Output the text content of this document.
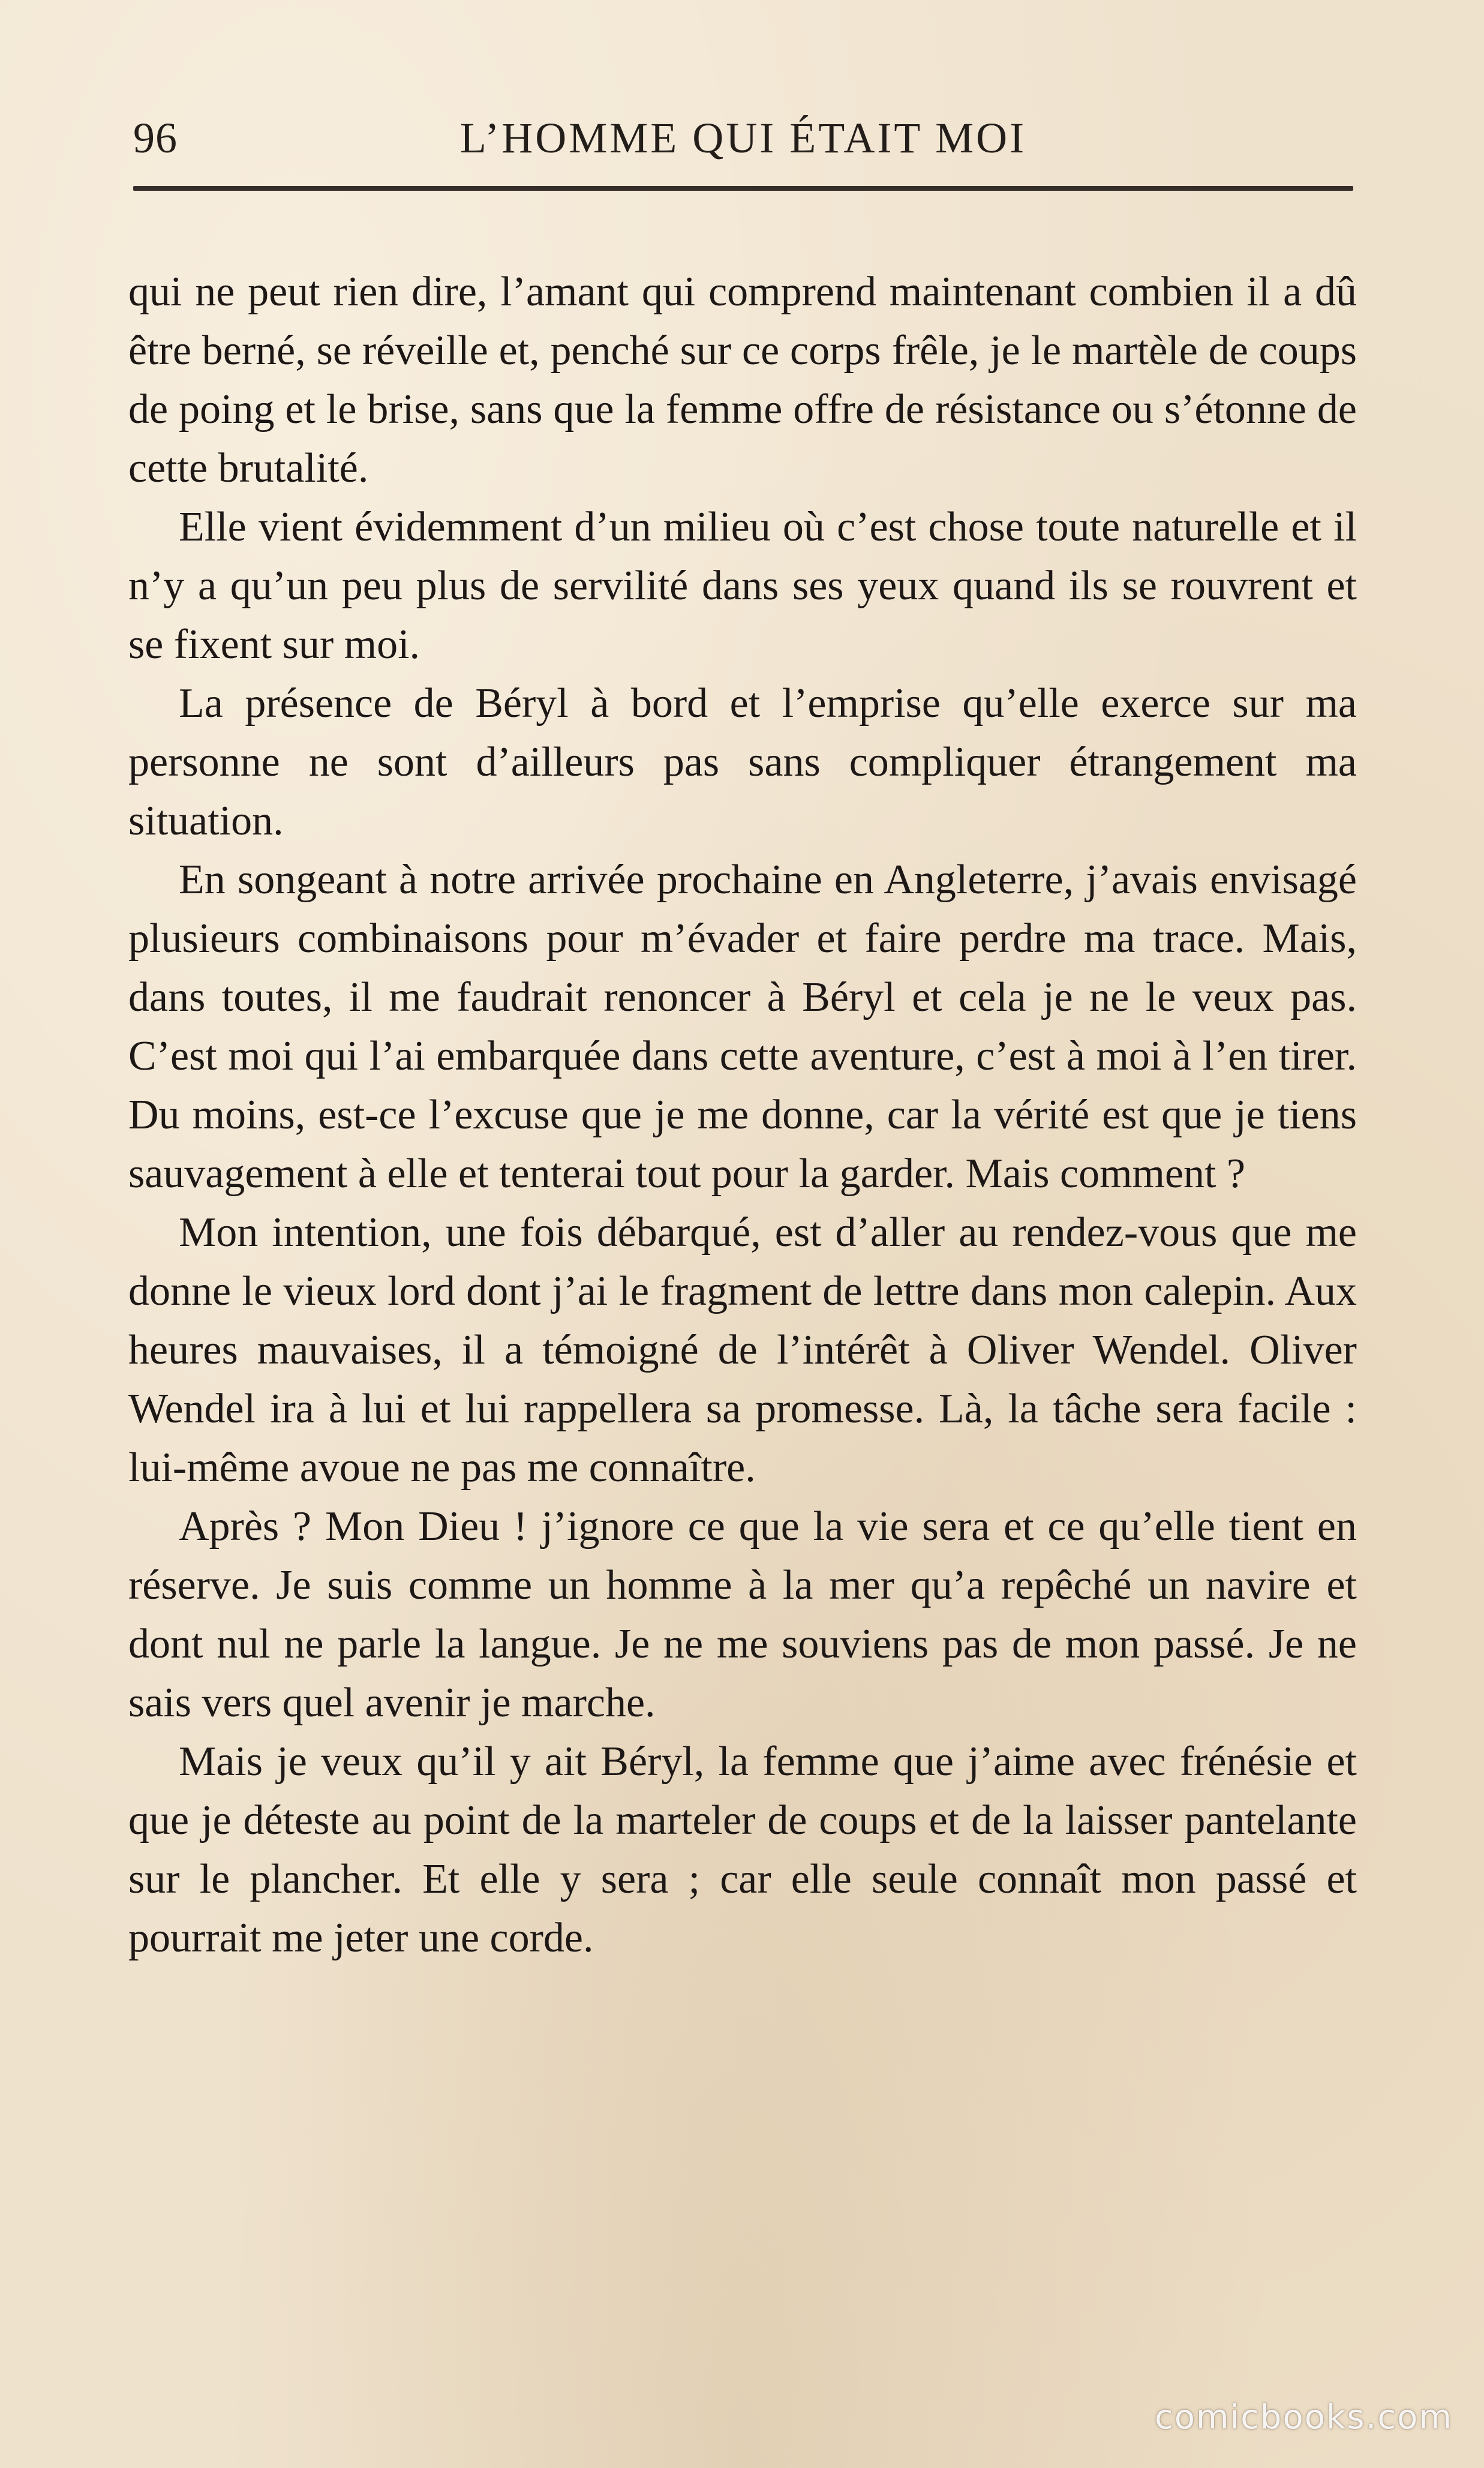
96	L’HOMME QUI ÉTAIT MOI

qui ne peut rien dire, l’amant qui comprend maintenant combien il a dû être berné, se réveille et, penché sur ce corps frêle, je le martèle de coups de poing et le brise, sans que la femme offre de résistance ou s’étonne de cette brutalité.

Elle vient évidemment d’un milieu où c’est chose toute naturelle et il n’y a qu’un peu plus de servilité dans ses yeux quand ils se rouvrent et se fixent sur moi.

La présence de Béryl à bord et l’emprise qu’elle exerce sur ma personne ne sont d’ailleurs pas sans compliquer étrangement ma situation.

En songeant à notre arrivée prochaine en Angleterre, j’avais envisagé plusieurs combinaisons pour m’évader et faire perdre ma trace. Mais, dans toutes, il me faudrait renoncer à Béryl et cela je ne le veux pas. C’est moi qui l’ai embarquée dans cette aventure, c’est à moi à l’en tirer. Du moins, est-ce l’excuse que je me donne, car la vérité est que je tiens sauvagement à elle et tenterai tout pour la garder. Mais comment ?

Mon intention, une fois débarqué, est d’aller au rendez-vous que me donne le vieux lord dont j’ai le fragment de lettre dans mon calepin. Aux heures mauvaises, il a témoigné de l’intérêt à Oliver Wendel. Oliver Wendel ira à lui et lui rappellera sa promesse. Là, la tâche sera facile : lui-même avoue ne pas me connaître.

Après ? Mon Dieu ! j’ignore ce que la vie sera et ce qu’elle tient en réserve. Je suis comme un homme à la mer qu’a repêché un navire et dont nul ne parle la langue. Je ne me souviens pas de mon passé. Je ne sais vers quel avenir je marche.

Mais je veux qu’il y ait Béryl, la femme que j’aime avec frénésie et que je déteste au point de la marteler de coups et de la laisser pantelante sur le plancher. Et elle y sera ; car elle seule connaît mon passé et pourrait me jeter une corde.

comicbooks.com
